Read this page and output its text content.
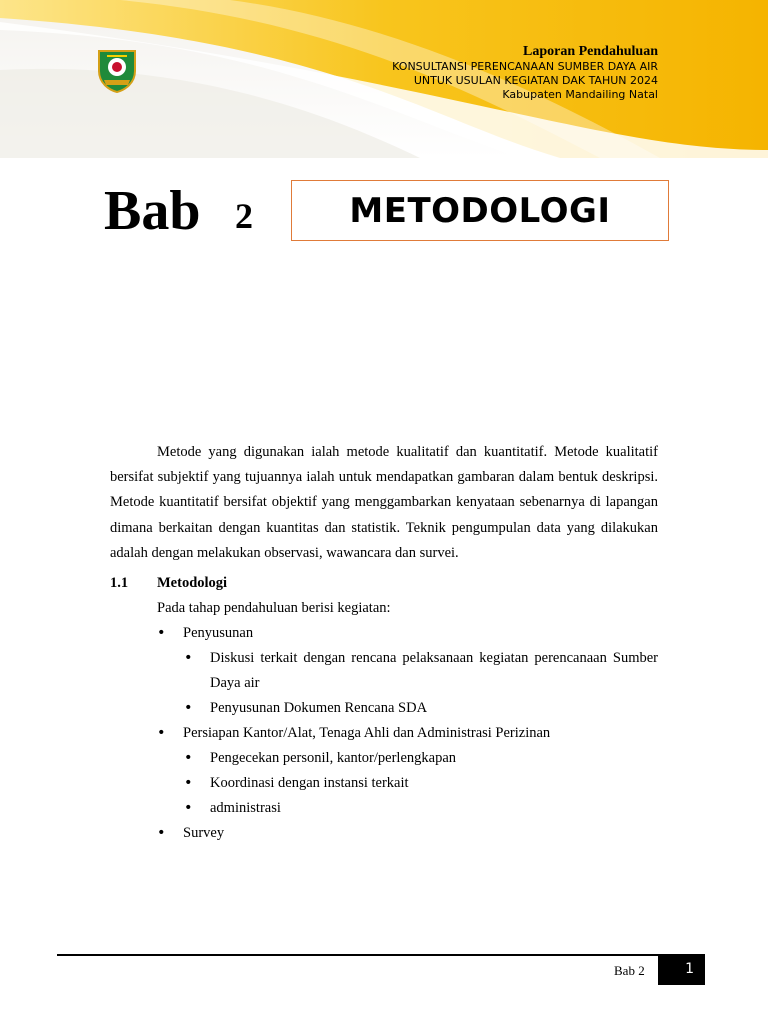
Laporan Pendahuluan
KONSULTANSI PERENCANAAN SUMBER DAYA AIR
UNTUK USULAN KEGIATAN DAK TAHUN 2024
Kabupaten Mandailing Natal
Bab 2	METODOLOGI

Metode yang digunakan ialah metode kualitatif dan kuantitatif. Metode kualitatif bersifat subjektif yang tujuannya ialah untuk mendapatkan gambaran dalam bentuk deskripsi. Metode kuantitatif bersifat objektif yang menggambarkan kenyataan sebenarnya di lapangan dimana berkaitan dengan kuantitas dan statistik. Teknik pengumpulan data yang dilakukan adalah dengan melakukan observasi, wawancara dan survei.

1.1	Metodologi
Pada tahap pendahuluan berisi kegiatan:
• Penyusunan
• Diskusi terkait dengan rencana pelaksanaan kegiatan perencanaan Sumber Daya air
• Penyusunan Dokumen Rencana SDA
• Persiapan Kantor/Alat, Tenaga Ahli dan Administrasi Perizinan
• Pengecekan personil, kantor/perlengkapan
• Koordinasi dengan instansi terkait
• administrasi
• Survey
Bab 2	1
